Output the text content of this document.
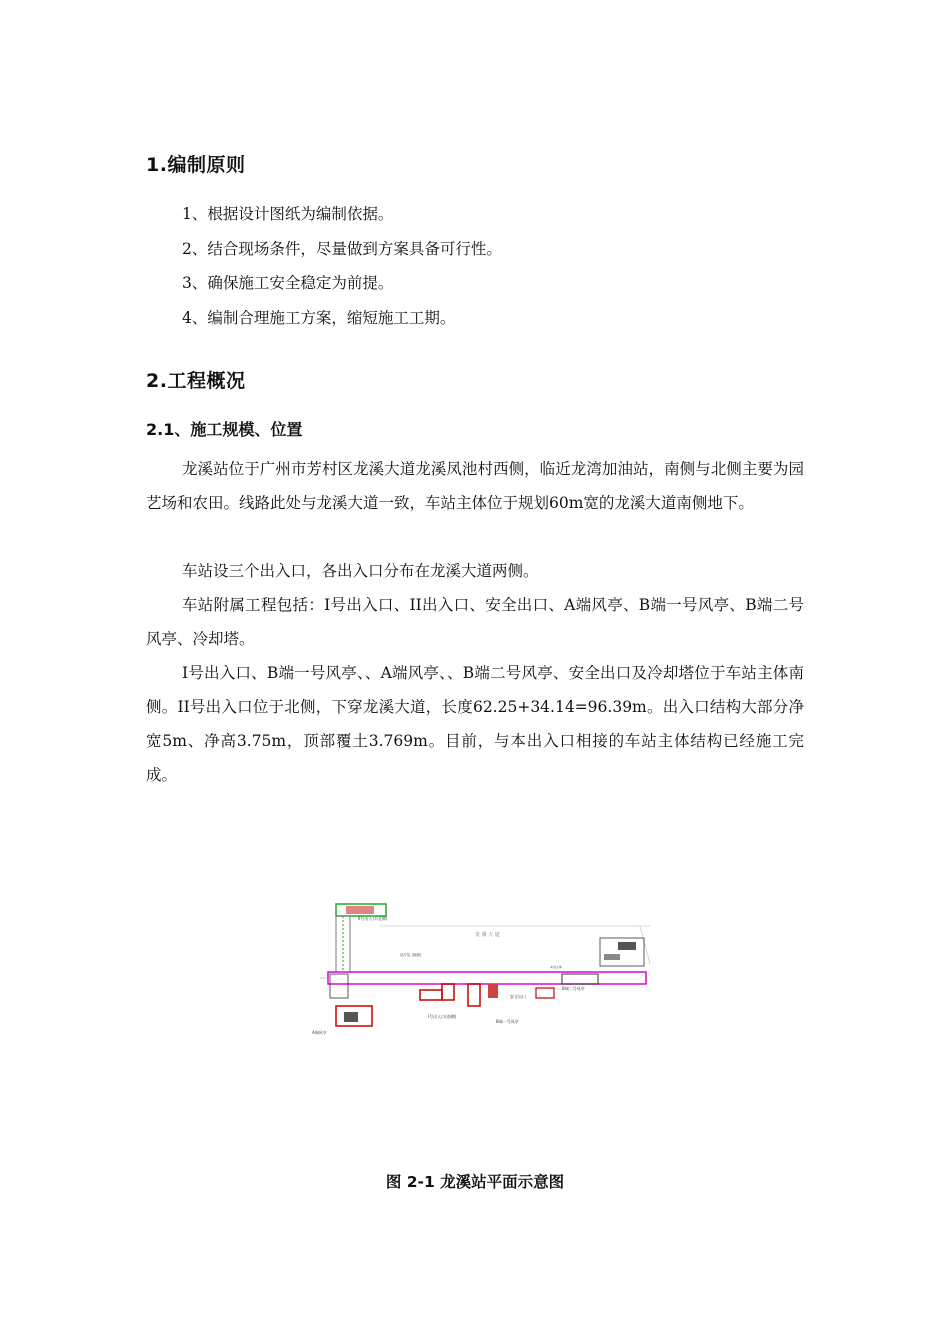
1.编制原则

1、根据设计图纸为编制依据。

2、结合现场条件，尽量做到方案具备可行性。

3、确保施工安全稳定为前提。

4、编制合理施工方案，缩短施工工期。

2.工程概况
2.1、施工规模、位置

龙溪站位于广州市芳村区龙溪大道龙溪凤池村西侧，临近龙湾加油站，南侧与北侧主要为园艺场和农田。线路此处与龙溪大道一致，车站主体位于规划60m宽的龙溪大道南侧地下。

车站设三个出入口，各出入口分布在龙溪大道两侧。

车站附属工程包括：I号出入口、II出入口、安全出口、A端风亭、B端一号风亭、B端二号风亭、冷却塔。

I号出入口、B端一号风亭、、A端风亭、、B端二号风亭、安全出口及冷却塔位于车站主体南侧。II号出入口位于北侧，下穿龙溪大道，长度62.25+34.14=96.39m。出入口结构大部分净宽5m、净高3.75m，顶部覆土3.769m。目前，与本出入口相接的车站主体结构已经施工完成。

II号出入口(北侧)
龙 溪 大 道
站厅层 (地面)
车站主体
A端风亭
I号出入口(南侧)
B端一号风亭
安全出口
B端二号风亭
图 2-1 龙溪站平面示意图
